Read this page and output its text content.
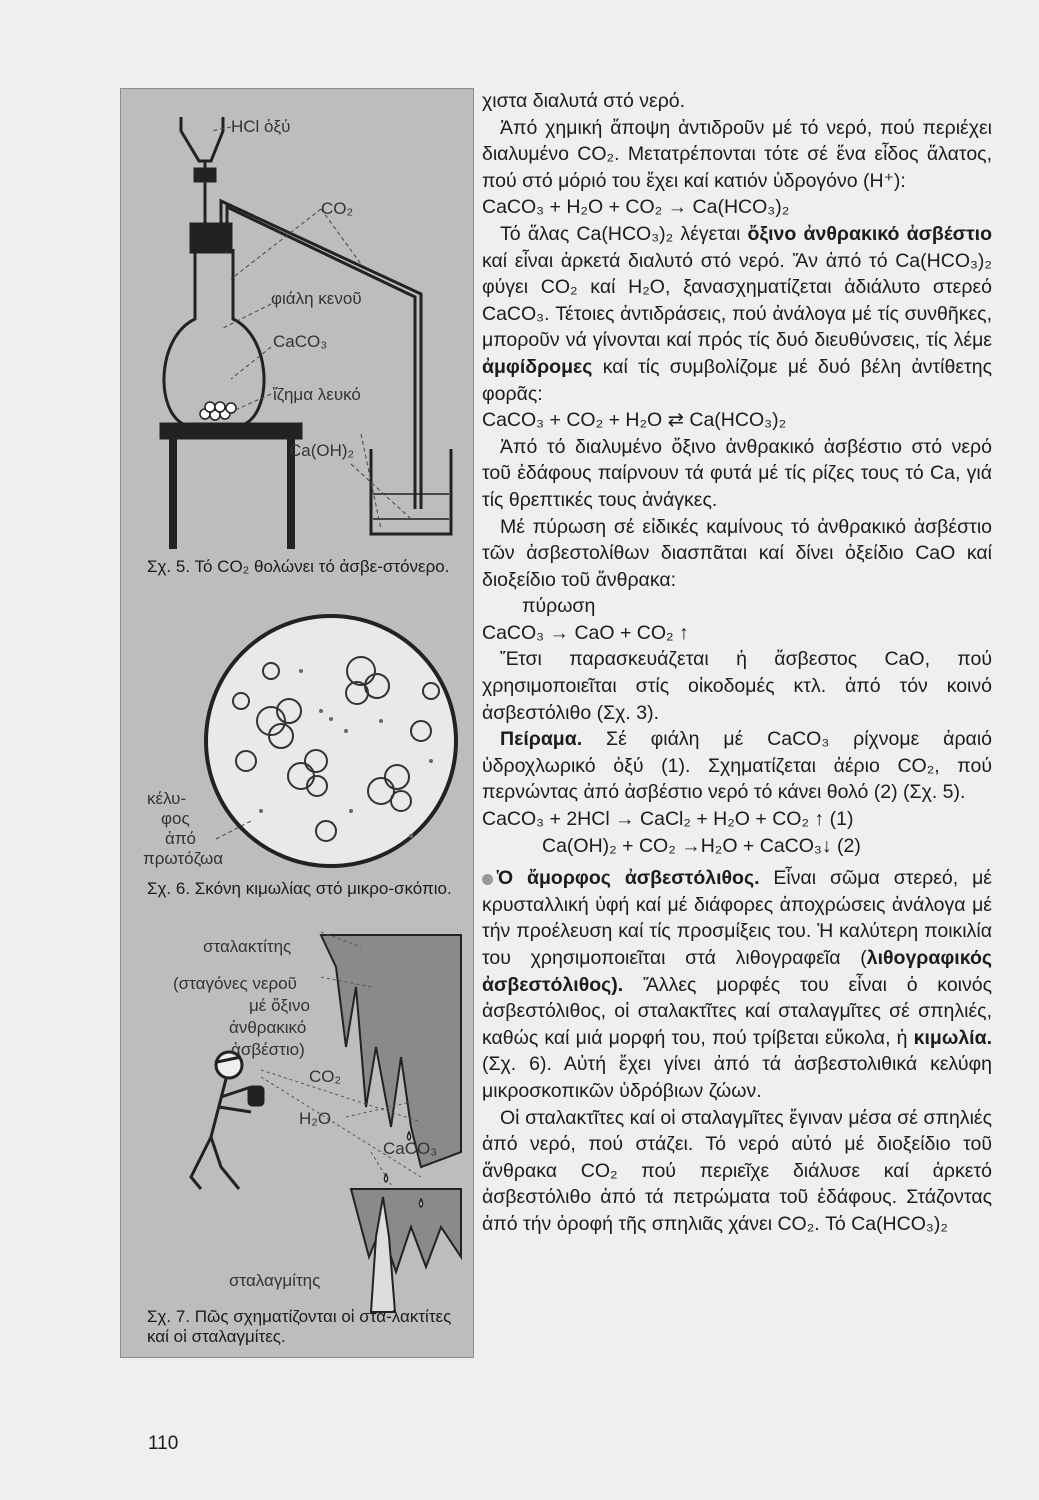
HCl ὀξύ
CO₂
φιάλη κενοῦ
CaCO₃
ἵζημα λευκό
Ca(OH)₂
Σχ. 5. Τό CO₂ θολώνει τό ἀσβε-στόνερο.
κέλυ-
φος
ἀπό
πρωτόζωα
Σχ. 6. Σκόνη κιμωλίας στό μικρο-σκόπιο.
σταλακτίτης
(σταγόνες νεροῦ
μέ ὄξινο
ἀνθρακικό
ἀσβέστιο)
CO₂
H₂O
CaCO₃
σταλαγμίτης
Σχ. 7. Πῶς σχηματίζονται οἱ στα-λακτίτες καί οἱ σταλαγμίτες.

χιστα διαλυτά στό νερό.

Ἀπό χημική ἄποψη ἀντιδροῦν μέ τό νερό, πού περιέχει διαλυμένο CO₂. Μετατρέπονται τότε σέ ἕνα εἶδος ἅλατος, πού στό μόριό του ἔχει καί κατιόν ὑδρογόνο (H⁺):

CaCO₃ + H₂O + CO₂ → Ca(HCO₃)₂

Τό ἅλας Ca(HCO₃)₂ λέγεται ὄξινο ἀνθρακικό ἀσβέστιο καί εἶναι ἀρκετά διαλυτό στό νερό. Ἄν ἀπό τό Ca(HCO₃)₂ φύγει CO₂ καί H₂O, ξανασχηματίζεται ἀδιάλυτο στερεό CaCO₃. Τέτοιες ἀντιδράσεις, πού ἀνάλογα μέ τίς συνθῆκες, μποροῦν νά γίνονται καί πρός τίς δυό διευθύνσεις, τίς λέμε ἀμφίδρομες καί τίς συμβολίζομε μέ δυό βέλη ἀντίθετης φορᾶς:

CaCO₃ + CO₂ + H₂O ⇄ Ca(HCO₃)₂

Ἀπό τό διαλυμένο ὄξινο ἀνθρακικό ἀσβέστιο στό νερό τοῦ ἐδάφους παίρνουν τά φυτά μέ τίς ρίζες τους τό Ca, γιά τίς θρεπτικές τους ἀνάγκες.

Μέ πύρωση σέ εἰδικές καμίνους τό ἀνθρακικό ἀσβέστιο τῶν ἀσβεστολίθων διασπᾶται καί δίνει ὀξείδιο CaO καί διοξείδιο τοῦ ἄνθρακα:

πύρωση

CaCO₃ → CaO + CO₂ ↑

Ἔτσι παρασκευάζεται ἡ ἄσβεστος CaO, πού χρησιμοποιεῖται στίς οἰκοδομές κτλ. ἀπό τόν κοινό ἀσβεστόλιθο (Σχ. 3).

Πείραμα. Σέ φιάλη μέ CaCO₃ ρίχνομε ἀραιό ὑδροχλωρικό ὀξύ (1). Σχηματίζεται ἀέριο CO₂, πού περνώντας ἀπό ἀσβέστιο νερό τό κάνει θολό (2) (Σχ. 5).

CaCO₃ + 2HCl → CaCl₂ + H₂O + CO₂ ↑ (1)

Ca(OH)₂ + CO₂ →H₂O + CaCO₃↓ (2)

Ὁ ἄμορφος ἀσβεστόλιθος. Εἶναι σῶμα στερεό, μέ κρυσταλλική ὑφή καί μέ διάφορες ἀποχρώσεις ἀνάλογα μέ τήν προέλευση καί τίς προσμίξεις του. Ἡ καλύτερη ποικιλία του χρησιμοποιεῖται στά λιθογραφεῖα (λιθογραφικός ἀσβεστόλιθος). Ἄλλες μορφές του εἶναι ὁ κοινός ἀσβεστόλιθος, οἱ σταλακτῖτες καί σταλαγμῖτες σέ σπηλιές, καθώς καί μιά μορφή του, πού τρίβεται εὔκολα, ἡ κιμωλία. (Σχ. 6). Αὐτή ἔχει γίνει ἀπό τά ἀσβεστολιθικά κελύφη μικροσκοπικῶν ὑδρόβιων ζώων.

Οἱ σταλακτῖτες καί οἱ σταλαγμῖτες ἔγιναν μέσα σέ σπηλιές ἀπό νερό, πού στάζει. Τό νερό αὐτό μέ διοξείδιο τοῦ ἄνθρακα CO₂ πού περιεῖχε διάλυσε καί ἀρκετό ἀσβεστόλιθο ἀπό τά πετρώματα τοῦ ἐδάφους. Στάζοντας ἀπό τήν ὀροφή τῆς σπηλιᾶς χάνει CO₂. Τό Ca(HCO₃)₂

110
